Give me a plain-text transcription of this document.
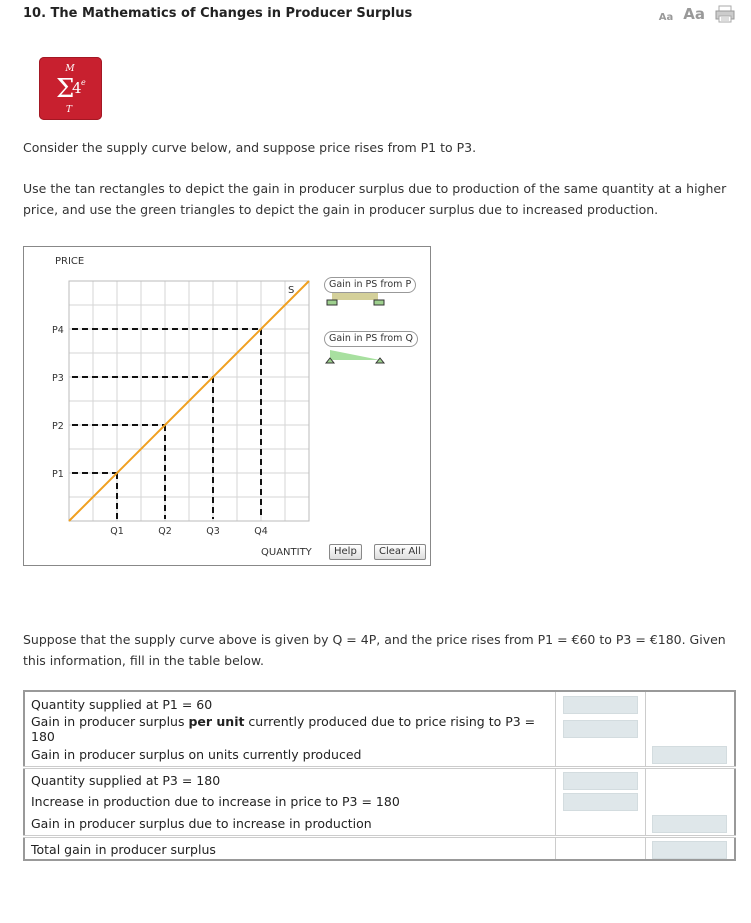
10. The Mathematics of Changes in Producer Surplus	Aa Aa
M
Σ
4 e
T
Consider the supply curve below, and suppose price rises from P1 to P3.
Use the tan rectangles to depict the gain in producer surplus due to production of the same quantity at a higher price, and use the green triangles to depict the gain in producer surplus due to increased production.
S
PRICE
QUANTITY
P4
P3
P2
P1
Q1	Q2	Q3	Q4
Gain in PS from P
Gain in PS from Q
Help	Clear All
Suppose that the supply curve above is given by Q = 4P, and the price rises from P1 = €60 to P3 = €180. Given this information, fill in the table below.
Quantity supplied at P1 = 60		
Gain in producer surplus per unit currently produced due to price rising to P3 = 180		
Gain in producer surplus on units currently produced		
Quantity supplied at P3 = 180		
Increase in production due to increase in price to P3 = 180		
Gain in producer surplus due to increase in production		
Total gain in producer surplus		
